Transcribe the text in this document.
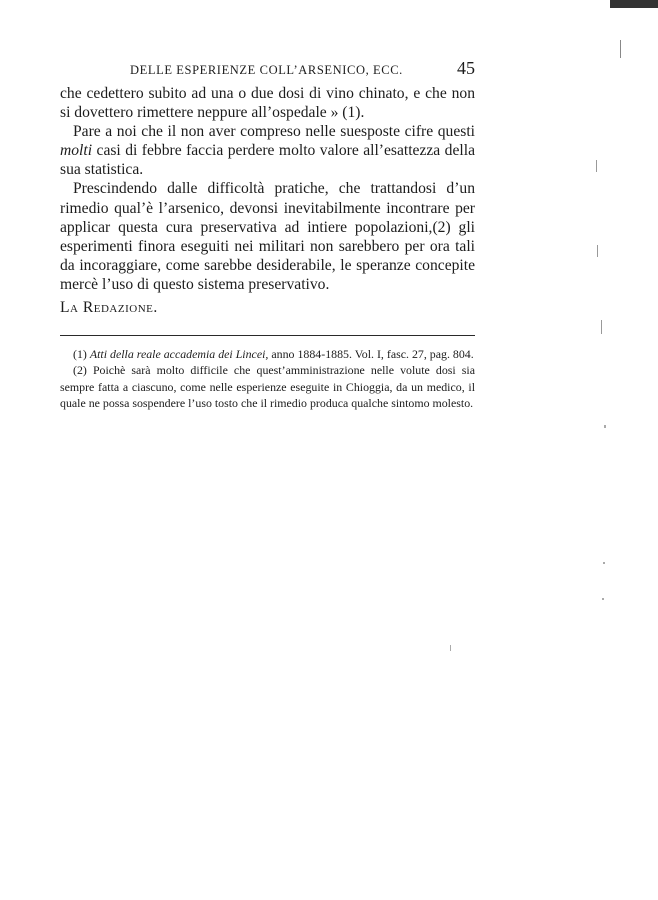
DELLE ESPERIENZE COLL’ARSENICO, ECC.	45

che cedettero subito ad una o due dosi di vino chinato, e che non si dovettero rimettere neppure all’ospedale » (1).

Pare a noi che il non aver compreso nelle suesposte cifre questi molti casi di febbre faccia perdere molto valore all’esattezza della sua statistica.

Prescindendo dalle difficoltà pratiche, che trattandosi d’un rimedio qual’è l’arsenico, devonsi inevitabilmente incontrare per applicar questa cura preservativa ad intiere popolazioni,(2) gli esperimenti finora eseguiti nei militari non sarebbero per ora tali da incoraggiare, come sarebbe desiderabile, le speranze concepite mercè l’uso di questo sistema preservativo.

La Redazione.

(1) Atti della reale accademia dei Lincei, anno 1884-1885. Vol. I, fasc. 27, pag. 804.

(2) Poichè sarà molto difficile che quest’amministrazione nelle volute dosi sia sempre fatta a ciascuno, come nelle esperienze eseguite in Chioggia, da un medico, il quale ne possa sospendere l’uso tosto che il rimedio produca qualche sintomo molesto.
